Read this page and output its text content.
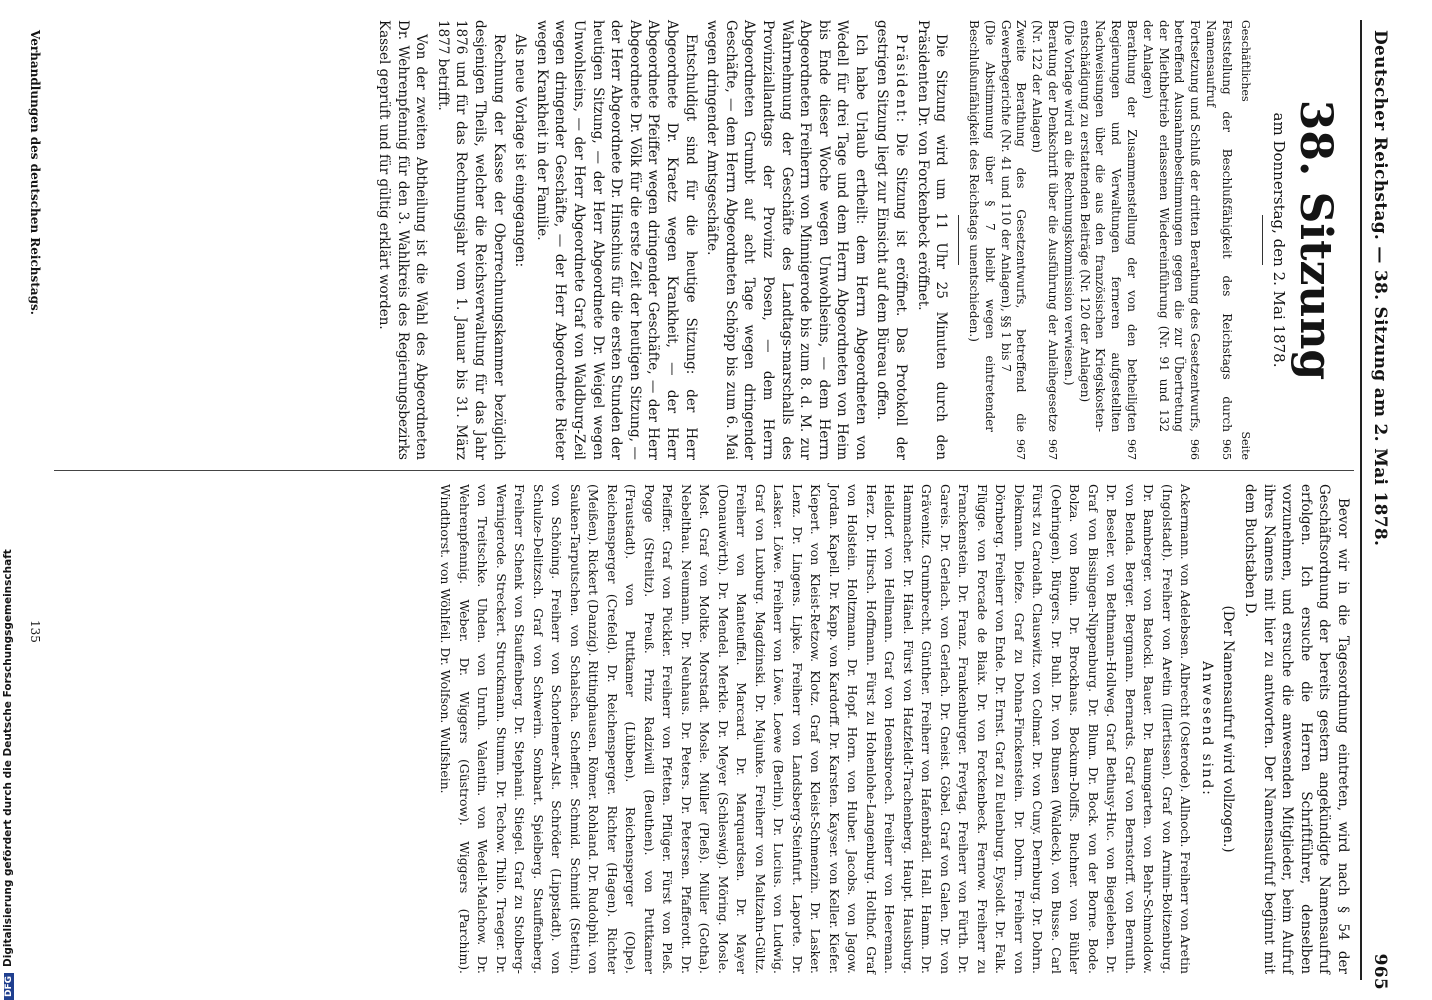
Deutscher Reichstag. — 38. Sitzung am 2. Mai 1878.
965
38. Sitzung
am Donnerstag, den 2. Mai 1878.
Geschäftliches
Seite
Feststellung der Beschlußfähigkeit des Reichstags durch Namensaufruf
965
Fortsetzung und Schluß der dritten Berathung des Gesetzentwurfs, betreffend Ausnahmebestimmungen gegen die zur Übertretung der Miethbetrieb erlassenen Wiedereinführung (Nr. 91 und 132 der Anlagen)
966
Berathung der Zusammenstellung der von den betheiligten Regierungen und Verwaltungen ferneren aufgestellten Nachweisungen über die aus den französischen Kriegskostenentschädigung zu erstattenden Beiträge (Nr. 120 der Anlagen)
967
(Die Vorlage wird an die Rechnungskommission verwiesen.)
Beratung der Denkschrift über die Ausführung der Anleihegesetze (Nr. 122 der Anlagen)
967
Zweite Berathung des Gesetzentwurfs, betreffend die Gewerbegerichte (Nr. 41 und 110 der Anlagen), §§ 1 bis 7
967
(Die Abstimmung über § 7 bleibt wegen eintretender Beschlußunfähigkeit des Reichstags unentschieden.)

Die Sitzung wird um 11 Uhr 25 Minuten durch den Präsidenten Dr. von Forckenbeck eröffnet.

Präsident: Die Sitzung ist eröffnet. Das Protokoll der gestrigen Sitzung liegt zur Einsicht auf dem Büreau offen.

Ich habe Urlaub ertheilt: dem Herrn Abgeordneten von Wedell für drei Tage und dem Herrn Abgeordneten von Heim bis Ende dieser Woche wegen Unwohlseins, — dem Herrn Abgeordneten Freiherrn von Minnigerode bis zum 8. d. M. zur Wahrnehmung der Geschäfte des Landtags-marschalls des Provinziallandtags der Provinz Posen, — dem Herrn Abgeordneten Grumbt auf acht Tage wegen dringender Geschäfte, — dem Herrn Abgeordneten Schöpp bis zum 6. Mai wegen dringender Amtsgeschäfte.

Entschuldigt sind für die heutige Sitzung: der Herr Abgeordnete Dr. Kraetz wegen Krankheit, — der Herr Abgeordnete Pfeiffer wegen dringender Geschäfte, — der Herr Abgeordnete Dr. Völk für die erste Zeit der heutigen Sitzung, — der Herr Abgeordnete Dr. Hinschius für die ersten Stunden der heutigen Sitzung, — der Herr Abgeordnete Dr. Weigel wegen Unwohlseins, — der Herr Abgeordnete Graf von Waldburg-Zeil wegen dringender Geschäfte, — der Herr Abgeordnete Rieter wegen Krankheit in der Familie.

Als neue Vorlage ist eingegangen:

Rechnung der Kasse der Oberrechnungskammer bezüglich desjenigen Theils, welcher die Reichsverwaltung für das Jahr 1876 und für das Rechnungsjahr vom 1. Januar bis 31. März 1877 betrifft.

Von der zweiten Abtheilung ist die Wahl des Abgeordneten Dr. Wehrenpfennig für den 3. Wahlkreis des Regierungsbezirks Kassel geprüft und für gültig erklärt worden.

Bevor wir in die Tagesordnung eintreten, wird nach § 54 der Geschäftsordnung der bereits gestern angekündigte Namensaufruf erfolgen. Ich ersuche die Herren Schriftführer, denselben vorzunehmen, und ersuche die anwesenden Mitglieder, beim Aufruf ihres Namens mit hier zu antworten. Der Namensaufruf beginnt mit dem Buchstaben D.

(Der Namensaufruf wird vollzogen.)

Anwesend sind:

Ackermann. von Adelebsen. Albrecht (Osterode). Allnoch. Freiherr von Aretin (Ingolstadt). Freiherr von Aretin (Illertissen). Graf von Arnim-Boitzenburg. Dr. Bamberger. von Batocki. Bauer. Dr. Baumgarten. von Behr-Schmoldow. von Benda. Berger. Bergmann. Bernards. Graf von Bernstorff. von Bernuth. Dr. Beseler. von Bethmann-Hollweg. Graf Bethusy-Huc. von Biegeleben. Dr. Graf von Bissingen-Nippenburg. Dr. Blum. Dr. Bock. von der Borne. Bode. Bolza. von Bonin. Dr. Brockhaus. Bockum-Dolffs. Buchner. von Bühler (Oehringen). Bürgers. Dr. Buhl. Dr. von Bunsen (Waldeck). von Busse. Carl Fürst zu Carolath. Clauswitz. von Colmar. Dr. von Cuny. Dernburg. Dr. Dohrn. Diekmann. Diefze. Graf zu Dohna-Finckenstein. Dr. Dohrn. Freiherr von Dörnberg. Freiherr von Ende. Dr. Ernst. Graf zu Eulenburg. Eysoldt. Dr. Falk. Flügge. von Forcade de Biaix. Dr. von Forckenbeck. Fernow. Freiherr zu Franckenstein. Dr. Franz. Frankenburger. Freytag. Freiherr von Fürth. Dr. Gareis. Dr. Gerlach. von Gerlach. Dr. Gneist. Göbel. Graf von Galen. Dr. von Grävenitz. Grumbrecht. Günther. Freiherr von Hafenbrädl. Hall. Hamm. Dr. Hammacher. Dr. Hänel. Fürst von Hatzfeldt-Trachenberg. Haupt. Hausburg. Helldorf. von Hellmann. Graf von Hoensbroech. Freiherr von Heereman. Herz. Dr. Hirsch. Hoffmann. Fürst zu Hohenlohe-Langenburg. Holthof. Graf von Holstein. Holtzmann. Dr. Hopf. Horn. von Huber. Jacobs. von Jagow. Jordan. Kapell. Dr. Kapp. von Kardorff. Dr. Karsten. Kayser. von Keller. Kiefer. Kiepert. von Kleist-Retzow. Klotz. Graf von Kleist-Schmenzin. Dr. Lasker. Lenz. Dr. Lingens. Lipke. Freiherr von Landsberg-Steinfurt. Laporte. Dr. Lasker. Löwe. Freiherr von Löwe. Loewe (Berlin). Dr. Lucius. von Ludwig. Graf von Luxburg. Magdzinski. Dr. Majunke. Freiherr von Maltzahn-Gültz. Freiherr von Manteuffel. Marcard. Dr. Marquardsen. Dr. Mayer (Donauwörth). Dr. Mendel. Merkle. Dr. Meyer (Schleswig). Möring. Mosle. Most. Graf von Moltke. Morstadt. Mosle. Müller (Pleß). Müller (Gotha). Nebelthau. Neumann. Dr. Neuhaus. Dr. Peters. Dr. Petersen. Pfafferott. Dr. Pfeiffer. Graf von Pückler. Freiherr von Pfetten. Pflüger. Fürst von Pleß. Pogge (Strelitz). Preuß. Prinz Radziwill (Beuthen). von Puttkamer (Fraustadt). von Puttkamer (Lübben). Reichensperger (Olpe). Reichensperger (Crefeld). Dr. Reichensperger. Richter (Hagen). Richter (Meißen). Rickert (Danzig). Rittinghausen. Römer. Rohland. Dr. Rudolphi. von Sauken-Tarputschen. von Schalscha. Scheffler. Schmid. Schmidt (Stettin). von Schöning. Freiherr von Schorlemer-Alst. Schröder (Lippstadt). von Schulze-Delitzsch. Graf von Schwerin. Sombart. Spielberg. Stauffenberg. Freiherr Schenk von Stauffenberg. Dr. Stephani. Stiegel. Graf zu Stolberg-Wernigerode. Streckert. Struckmann. Stumm. Dr. Techow. Thilo. Traeger. Dr. von Treitschke. Uhden. von Unruh. Valentin. von Wedell-Malchow. Dr. Wehrenpfennig. Weber. Dr. Wiggers (Güstrow). Wiggers (Parchim). Windthorst. von Wöhlfeil. Dr. Wolfson. Wulfshein.

Verhandlungen des deutschen Reichstags.
135
DFGDigitalisierung gefördert durch die Deutsche Forschungsgemeinschaft
